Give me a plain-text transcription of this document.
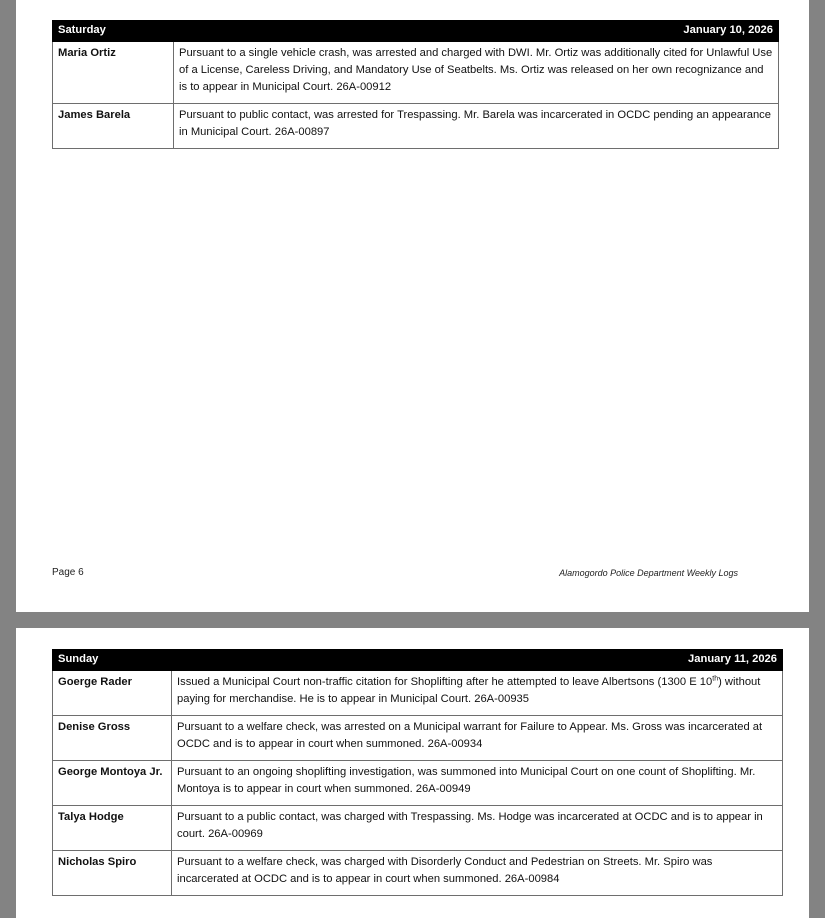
Saturday	January 10, 2026
Maria Ortiz	Pursuant to a single vehicle crash, was arrested and charged with DWI. Mr. Ortiz was additionally cited for Unlawful Use of a License, Careless Driving, and Mandatory Use of Seatbelts. Ms. Ortiz was released on her own recognizance and is to appear in Municipal Court. 26A-00912
James Barela	Pursuant to public contact, was arrested for Trespassing. Mr. Barela was incarcerated in OCDC pending an appearance in Municipal Court. 26A-00897
Page 6	Alamogordo Police Department Weekly Logs
Sunday	January 11, 2026
Goerge Rader	Issued a Municipal Court non-traffic citation for Shoplifting after he attempted to leave Albertsons (1300 E 10th) without paying for merchandise. He is to appear in Municipal Court. 26A-00935
Denise Gross	Pursuant to a welfare check, was arrested on a Municipal warrant for Failure to Appear. Ms. Gross was incarcerated at OCDC and is to appear in court when summoned. 26A-00934
George Montoya Jr.	Pursuant to an ongoing shoplifting investigation, was summoned into Municipal Court on one count of Shoplifting. Mr. Montoya is to appear in court when summoned. 26A-00949
Talya Hodge	Pursuant to a public contact, was charged with Trespassing. Ms. Hodge was incarcerated at OCDC and is to appear in court. 26A-00969
Nicholas Spiro	Pursuant to a welfare check, was charged with Disorderly Conduct and Pedestrian on Streets. Mr. Spiro was incarcerated at OCDC and is to appear in court when summoned. 26A-00984
